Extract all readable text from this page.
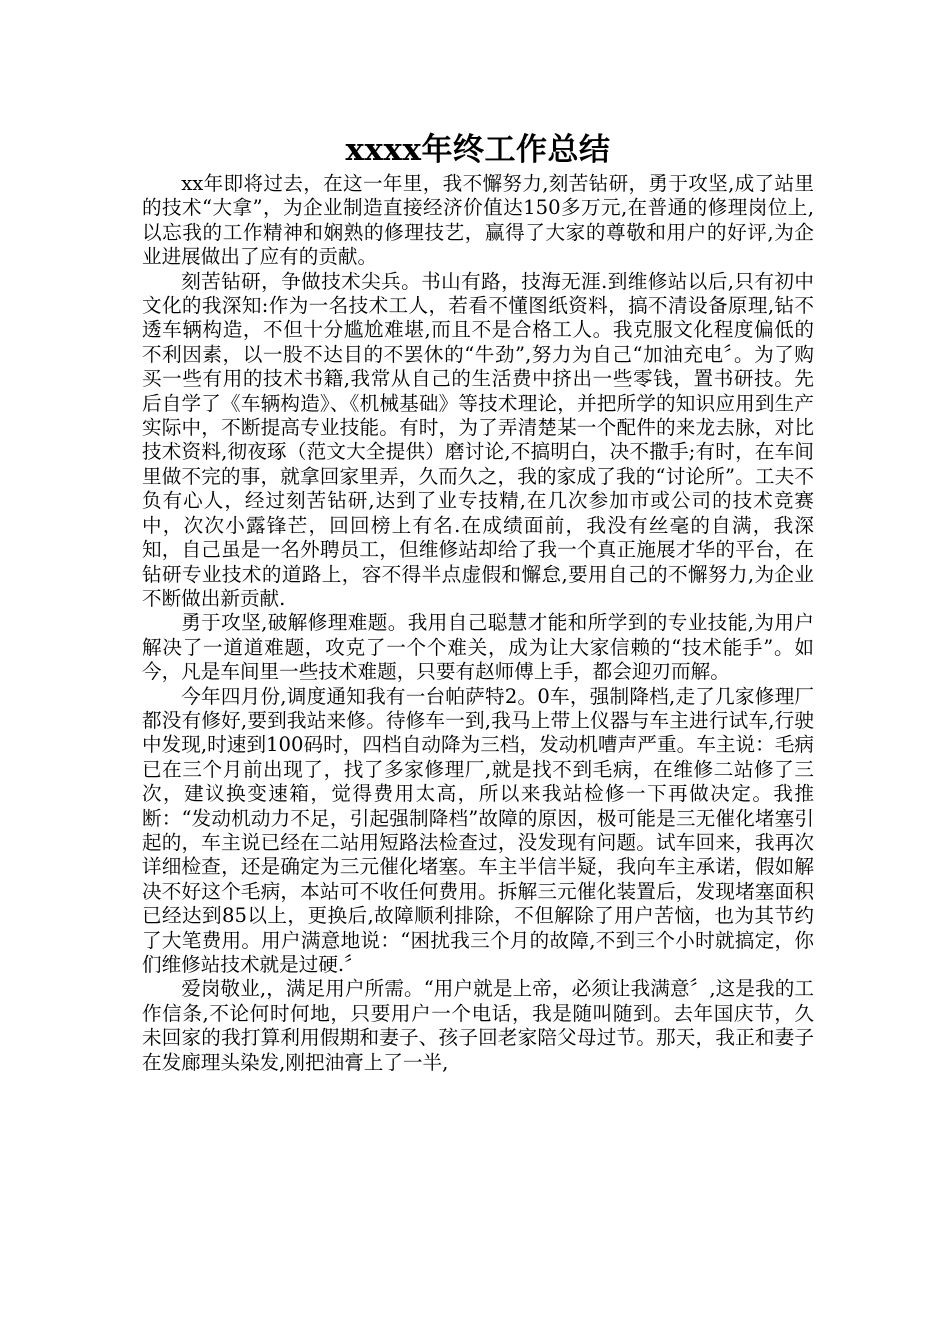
xxxx年终工作总结

xx年即将过去，在这一年里，我不懈努力,刻苦钻研，勇于攻坚,成了站里的技术“大拿”，为企业制造直接经济价值达150多万元,在普通的修理岗位上,以忘我的工作精神和娴熟的修理技艺，赢得了大家的尊敬和用户的好评,为企业进展做出了应有的贡献。

刻苦钻研，争做技术尖兵。书山有路，技海无涯.到维修站以后,只有初中文化的我深知:作为一名技术工人，若看不懂图纸资料，搞不清设备原理,钻不透车辆构造，不但十分尴尬难堪,而且不是合格工人。我克服文化程度偏低的不利因素，以一股不达目的不罢休的“牛劲”,努力为自己“加油充电〞。为了购买一些有用的技术书籍,我常从自己的生活费中挤出一些零钱，置书研技。先后自学了《车辆构造》、《机械基础》等技术理论，并把所学的知识应用到生产实际中，不断提高专业技能。有时，为了弄清楚某一个配件的来龙去脉，对比技术资料,彻夜琢（范文大全提供）磨讨论,不搞明白，决不撒手;有时，在车间里做不完的事，就拿回家里弄，久而久之，我的家成了我的“讨论所”。工夫不负有心人，经过刻苦钻研,达到了业专技精,在几次参加市或公司的技术竞赛中，次次小露锋芒，回回榜上有名.在成绩面前，我没有丝毫的自满，我深知，自己虽是一名外聘员工，但维修站却给了我一个真正施展才华的平台，在钻研专业技术的道路上，容不得半点虚假和懈怠,要用自己的不懈努力,为企业不断做出新贡献.

勇于攻坚,破解修理难题。我用自己聪慧才能和所学到的专业技能,为用户解决了一道道难题，攻克了一个个难关，成为让大家信赖的“技术能手”。如今，凡是车间里一些技术难题，只要有赵师傅上手，都会迎刃而解。

今年四月份,调度通知我有一台帕萨特2。0车，强制降档,走了几家修理厂都没有修好,要到我站来修。待修车一到,我马上带上仪器与车主进行试车,行驶中发现,时速到100码时，四档自动降为三档，发动机嘈声严重。车主说：毛病已在三个月前出现了，找了多家修理厂,就是找不到毛病，在维修二站修了三次，建议换变速箱，觉得费用太高，所以来我站检修一下再做决定。我推断：“发动机动力不足，引起强制降档”故障的原因，极可能是三无催化堵塞引起的，车主说已经在二站用短路法检查过，没发现有问题。试车回来，我再次详细检查，还是确定为三元催化堵塞。车主半信半疑，我向车主承诺，假如解决不好这个毛病，本站可不收任何费用。拆解三元催化装置后，发现堵塞面积已经达到85以上，更换后,故障顺利排除，不但解除了用户苦恼，也为其节约了大笔费用。用户满意地说：“困扰我三个月的故障,不到三个小时就搞定，你们维修站技术就是过硬.〞

爱岗敬业,，满足用户所需。“用户就是上帝，必须让我满意〞,这是我的工作信条,不论何时何地，只要用户一个电话，我是随叫随到。去年国庆节，久未回家的我打算利用假期和妻子、孩子回老家陪父母过节。那天，我正和妻子在发廊理头染发,刚把油膏上了一半,
